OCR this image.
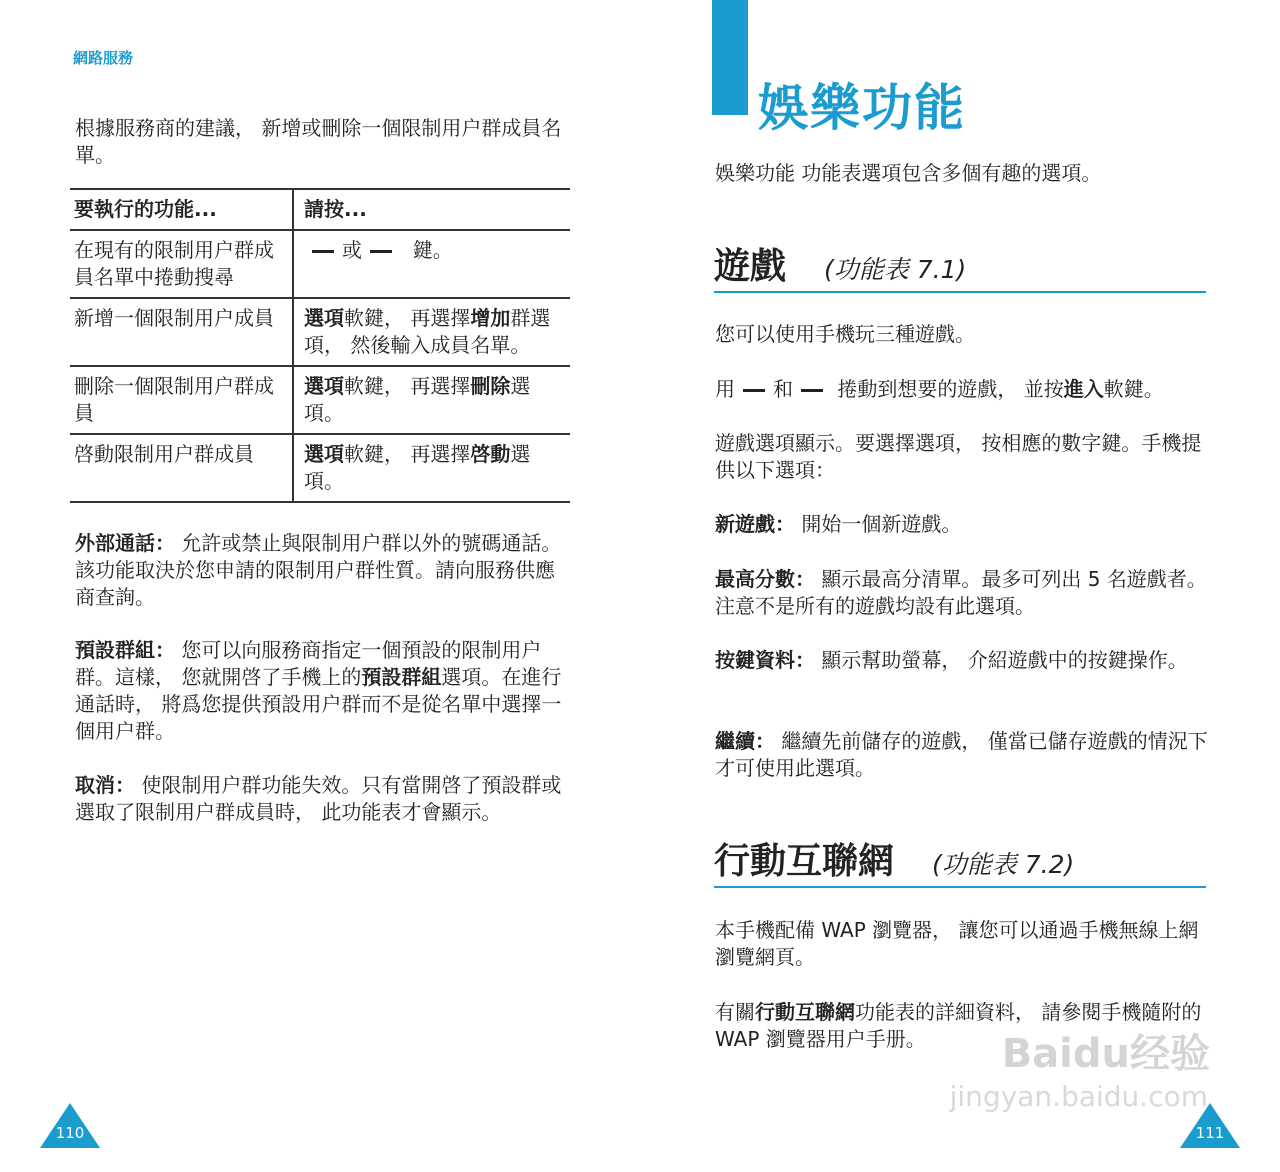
網路服務
根據服務商的建議， 新增或刪除一個限制用户群成員名單。
要執行的功能...	請按...
在現有的限制用户群成員名單中捲動搜尋	或 鍵。
新增一個限制用户成員	選項軟鍵， 再選擇增加群選項， 然後輸入成員名單。
刪除一個限制用户群成員	選項軟鍵， 再選擇刪除選項。
啓動限制用户群成員	選項軟鍵， 再選擇啓動選項。
外部通話： 允許或禁止與限制用户群以外的號碼通話。該功能取決於您申請的限制用户群性質。請向服務供應商查詢。
預設群組： 您可以向服務商指定一個預設的限制用户群。這樣， 您就開啓了手機上的預設群組選項。在進行通話時， 將爲您提供預設用户群而不是從名單中選擇一個用户群。
取消： 使限制用户群功能失效。只有當開啓了預設群或選取了限制用户群成員時， 此功能表才會顯示。
110
娛樂功能
娛樂功能 功能表選項包含多個有趣的選項。
遊戲 (功能表 7.1)
您可以使用手機玩三種遊戲。
用 和 捲動到想要的遊戲， 並按進入軟鍵。
遊戲選項顯示。要選擇選項， 按相應的數字鍵。手機提供以下選項：
新遊戲： 開始一個新遊戲。
最高分數： 顯示最高分清單。最多可列出 5 名遊戲者。注意不是所有的遊戲均設有此選項。
按鍵資料： 顯示幫助螢幕， 介紹遊戲中的按鍵操作。
繼續： 繼續先前儲存的遊戲， 僅當已儲存遊戲的情況下才可使用此選項。
行動互聯網 (功能表 7.2)
本手機配備 WAP 瀏覽器， 讓您可以通過手機無線上網瀏覽網頁。
有關行動互聯網功能表的詳細資料， 請參閱手機隨附的 WAP 瀏覽器用户手册。	Baidu经验
jingyan.baidu.com
111
